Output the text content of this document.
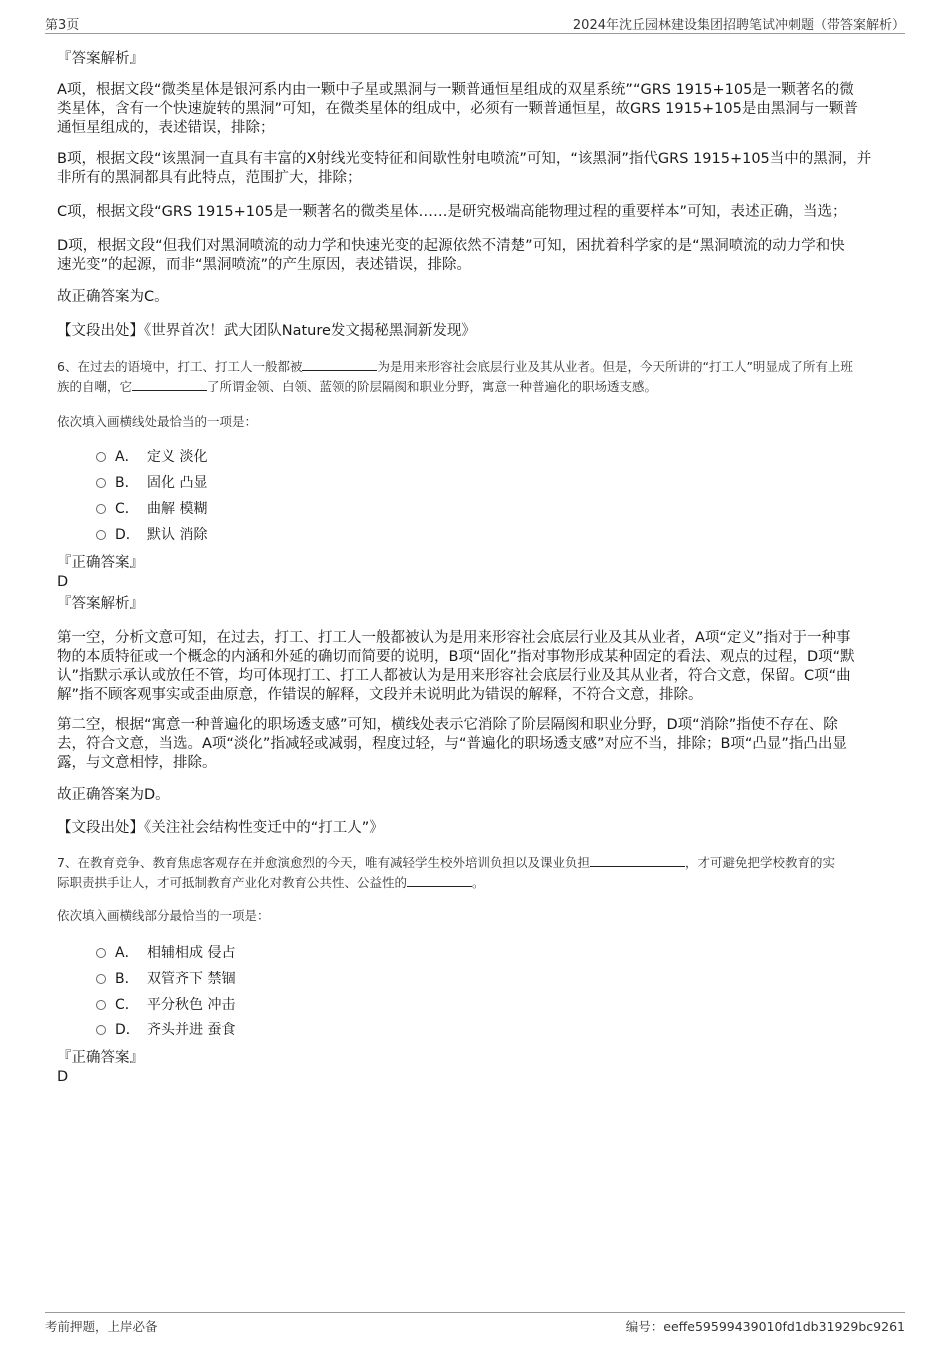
第3页	2024年沈丘园林建设集团招聘笔试冲刺题（带答案解析）
『答案解析』
A项，根据文段“微类星体是银河系内由一颗中子星或黑洞与一颗普通恒星组成的双星系统”“GRS 1915+105是一颗著名的微
类星体，含有一个快速旋转的黑洞”可知，在微类星体的组成中，必须有一颗普通恒星，故GRS 1915+105是由黑洞与一颗普
通恒星组成的，表述错误，排除；
B项，根据文段“该黑洞一直具有丰富的X射线光变特征和间歇性射电喷流”可知，“该黑洞”指代GRS 1915+105当中的黑洞，并
非所有的黑洞都具有此特点，范围扩大，排除；
C项，根据文段“GRS 1915+105是一颗著名的微类星体……是研究极端高能物理过程的重要样本”可知，表述正确，当选；
D项，根据文段“但我们对黑洞喷流的动力学和快速光变的起源依然不清楚”可知，困扰着科学家的是“黑洞喷流的动力学和快
速光变”的起源，而非“黑洞喷流”的产生原因，表述错误，排除。
故正确答案为C。
【文段出处】《世界首次！武大团队Nature发文揭秘黑洞新发现》
6、在过去的语境中，打工、打工人一般都被	为是用来形容社会底层行业及其从业者。但是，今天所讲的“打工人”明显成了所有上班
族的自嘲，它	了所谓金领、白领、蓝领的阶层隔阂和职业分野，寓意一种普遍化的职场透支感。
依次填入画横线处最恰当的一项是：
A． 定义 淡化
B． 固化 凸显
C． 曲解 模糊
D． 默认 消除
『正确答案』
D
『答案解析』
第一空，分析文意可知，在过去，打工、打工人一般都被认为是用来形容社会底层行业及其从业者，A项“定义”指对于一种事
物的本质特征或一个概念的内涵和外延的确切而简要的说明，B项“固化”指对事物形成某种固定的看法、观点的过程，D项“默
认”指默示承认或放任不管，均可体现打工、打工人都被认为是用来形容社会底层行业及其从业者，符合文意，保留。C项“曲
解”指不顾客观事实或歪曲原意，作错误的解释，文段并未说明此为错误的解释，不符合文意，排除。
第二空，根据“寓意一种普遍化的职场透支感”可知，横线处表示它消除了阶层隔阂和职业分野，D项“消除”指使不存在、除
去，符合文意，当选。A项“淡化”指减轻或减弱，程度过轻，与“普遍化的职场透支感”对应不当，排除；B项“凸显”指凸出显
露，与文意相悖，排除。
故正确答案为D。
【文段出处】《关注社会结构性变迁中的“打工人”》
7、在教育竞争、教育焦虑客观存在并愈演愈烈的今天，唯有减轻学生校外培训负担以及课业负担	，才可避免把学校教育的实
际职责拱手让人，才可抵制教育产业化对教育公共性、公益性的	。
依次填入画横线部分最恰当的一项是：
A． 相辅相成 侵占
B． 双管齐下 禁锢
C． 平分秋色 冲击
D． 齐头并进 蚕食
『正确答案』
D
考前押题，上岸必备	编号：eeffe59599439010fd1db31929bc9261
